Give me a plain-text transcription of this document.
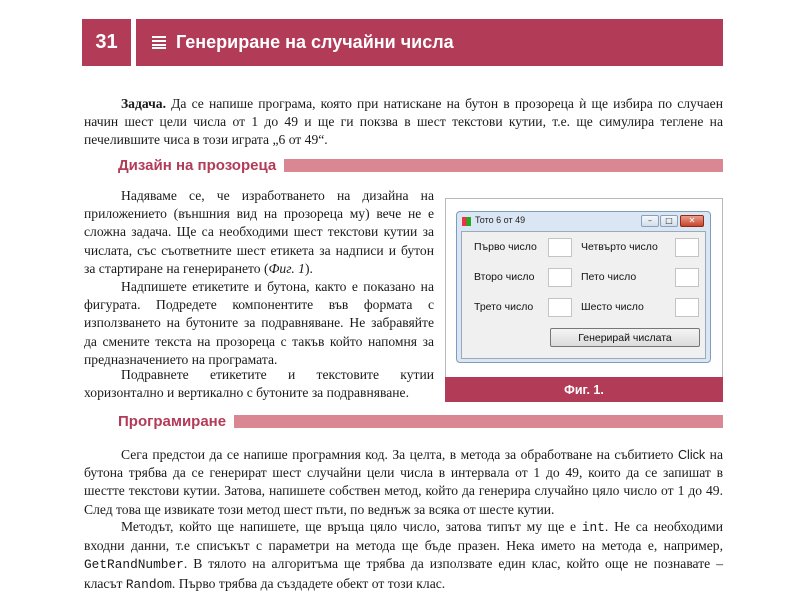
31	Генериране на случайни числа
Задача. Да се напише програма, която при натискане на бутон в прозореца ѝ ще избира по случаен начин шест цели числа от 1 до 49 и ще ги покзва в шест текстови кутии, т.е. ще симулира теглене на печелившите чиса в този играта „6 от 49“.
Дизайн на прозореца
Надяваме се, че изработването на дизайна на приложението (външния вид на прозореца му) вече не е сложна задача. Ще са необходими шест текстови кутии за числата, със съответните шест етикета за надписи и бутон за стартиране на генерирането (Фиг. 1).
Надпишете етикетите и бутона, както е показано на фигурата. Подредете компонентите във формата с използването на бутоните за подравняване. Не забравяйте да смените текста на прозореца с такъв който напомня за предназначението на програмата.
Подравнете етикетите и текстовите кутии хоризонтално и вертикално с бутоните за подравняване.
Тото 6 от 49	–	□	✕
Първо число
Второ число
Трето число
Четвърто число
Пето число
Шесто число
Генерирай числата
Фиг. 1.
Програмиране
Сега предстои да се напише програмния код. За целта, в метода за обработване на събитието Click на бутона трябва да се генерират шест случайни цели числа в интервала от 1 до 49, които да се запишат в шестте текстови кутии. Затова, напишете собствен метод, който да генерира случайно цяло число от 1 до 49. След това ще извикате този метод шест пъти, по веднъж за всяка от шесте кутии.
Методът, който ще напишете, ще връща цяло число, затова типът му ще е int. Не са необходими входни данни, т.е списъкът с параметри на метода ще бъде празен. Нека името на метода е, например, GetRandNumber. В тялото на алгоритъма ще трябва да използвате един клас, който още не познавате – класът Random. Първо трябва да създадете обект от този клас.
